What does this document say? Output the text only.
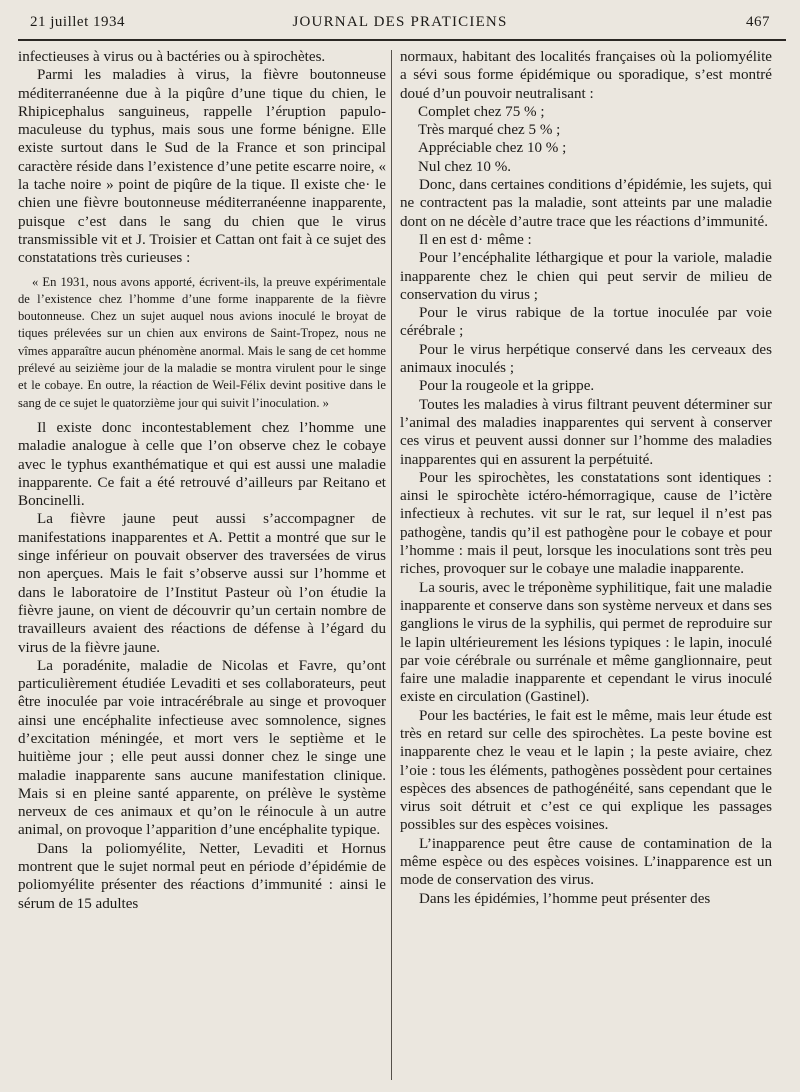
21 juillet 1934	JOURNAL DES PRATICIENS	467

infectieuses à virus ou à bactéries ou à spirochètes.

Parmi les maladies à virus, la fièvre boutonneuse méditerranéenne due à la piqûre d’une tique du chien, le Rhipicephalus sanguineus, rappelle l’éruption papulo-maculeuse du typhus, mais sous une forme bénigne. Elle existe surtout dans le Sud de la France et son principal caractère réside dans l’existence d’une petite escarre noire, « la tache noire » point de piqûre de la tique. Il existe che· le chien une fièvre boutonneuse méditerranéenne inapparente, puisque c’est dans le sang du chien que le virus transmissible vit et J. Troisier et Cattan ont fait à ce sujet des constatations très curieuses :

« En 1931, nous avons apporté, écrivent-ils, la preuve expérimentale de l’existence chez l’homme d’une forme inapparente de la fièvre boutonneuse. Chez un sujet auquel nous avions inoculé le broyat de tiques prélevées sur un chien aux environs de Saint-Tropez, nous ne vîmes apparaître aucun phénomène anormal. Mais le sang de cet homme prélevé au seizième jour de la maladie se montra virulent pour le singe et le cobaye. En outre, la réaction de Weil-Félix devint positive dans le sang de ce sujet le quatorzième jour qui suivit l’inoculation. »

Il existe donc incontestablement chez l’homme une maladie analogue à celle que l’on observe chez le cobaye avec le typhus exanthématique et qui est aussi une maladie inapparente. Ce fait a été retrouvé d’ailleurs par Reitano et Boncinelli.

La fièvre jaune peut aussi s’accompagner de manifestations inapparentes et A. Pettit a montré que sur le singe inférieur on pouvait observer des traversées de virus non aperçues. Mais le fait s’observe aussi sur l’homme et dans le laboratoire de l’Institut Pasteur où l’on étudie la fièvre jaune, on vient de découvrir qu’un certain nombre de travailleurs avaient des réactions de défense à l’égard du virus de la fièvre jaune.

La poradénite, maladie de Nicolas et Favre, qu’ont particulièrement étudiée Levaditi et ses collaborateurs, peut être inoculée par voie intracérébrale au singe et provoquer ainsi une encéphalite infectieuse avec somnolence, signes d’excitation méningée, et mort vers le septième et le huitième jour ; elle peut aussi donner chez le singe une maladie inapparente sans aucune manifestation clinique. Mais si en pleine santé apparente, on prélève le système nerveux de ces animaux et qu’on le réinocule à un autre animal, on provoque l’apparition d’une encéphalite typique.

Dans la poliomyélite, Netter, Levaditi et Hornus montrent que le sujet normal peut en période d’épidémie de poliomyélite présenter des réactions d’immunité : ainsi le sérum de 15 adultes

normaux, habitant des localités françaises où la poliomyélite a sévi sous forme épidémique ou sporadique, s’est montré doué d’un pouvoir neutralisant :

Complet chez 75 % ;

Très marqué chez 5 % ;

Appréciable chez 10 % ;

Nul chez 10 %.

Donc, dans certaines conditions d’épidémie, les sujets, qui ne contractent pas la maladie, sont atteints par une maladie dont on ne décèle d’autre trace que les réactions d’immunité.

Il en est d· même :

Pour l’encéphalite léthargique et pour la variole, maladie inapparente chez le chien qui peut servir de milieu de conservation du virus ;

Pour le virus rabique de la tortue inoculée par voie cérébrale ;

Pour le virus herpétique conservé dans les cerveaux des animaux inoculés ;

Pour la rougeole et la grippe.

Toutes les maladies à virus filtrant peuvent déterminer sur l’animal des maladies inapparentes qui servent à conserver ces virus et peuvent aussi donner sur l’homme des maladies inapparentes qui en assurent la perpétuité.

Pour les spirochètes, les constatations sont identiques : ainsi le spirochète ictéro-hémorragique, cause de l’ictère infectieux à rechutes. vit sur le rat, sur lequel il n’est pas pathogène, tandis qu’il est pathogène pour le cobaye et pour l’homme : mais il peut, lorsque les inoculations sont très peu riches, provoquer sur le cobaye une maladie inapparente.

La souris, avec le tréponème syphilitique, fait une maladie inapparente et conserve dans son système nerveux et dans ses ganglions le virus de la syphilis, qui permet de reproduire sur le lapin ultérieurement les lésions typiques : le lapin, inoculé par voie cérébrale ou surrénale et même ganglionnaire, peut faire une maladie inapparente et cependant le virus inoculé existe en circulation (Gastinel).

Pour les bactéries, le fait est le même, mais leur étude est très en retard sur celle des spirochètes. La peste bovine est inapparente chez le veau et le lapin ; la peste aviaire, chez l’oie : tous les éléments, pathogènes possèdent pour certaines espèces des absences de pathogénéité, sans cependant que le virus soit détruit et c’est ce qui explique les passages possibles sur des espèces voisines.

L’inapparence peut être cause de contamination de la même espèce ou des espèces voisines. L’inapparence est un mode de conservation des virus.

Dans les épidémies, l’homme peut présenter des
